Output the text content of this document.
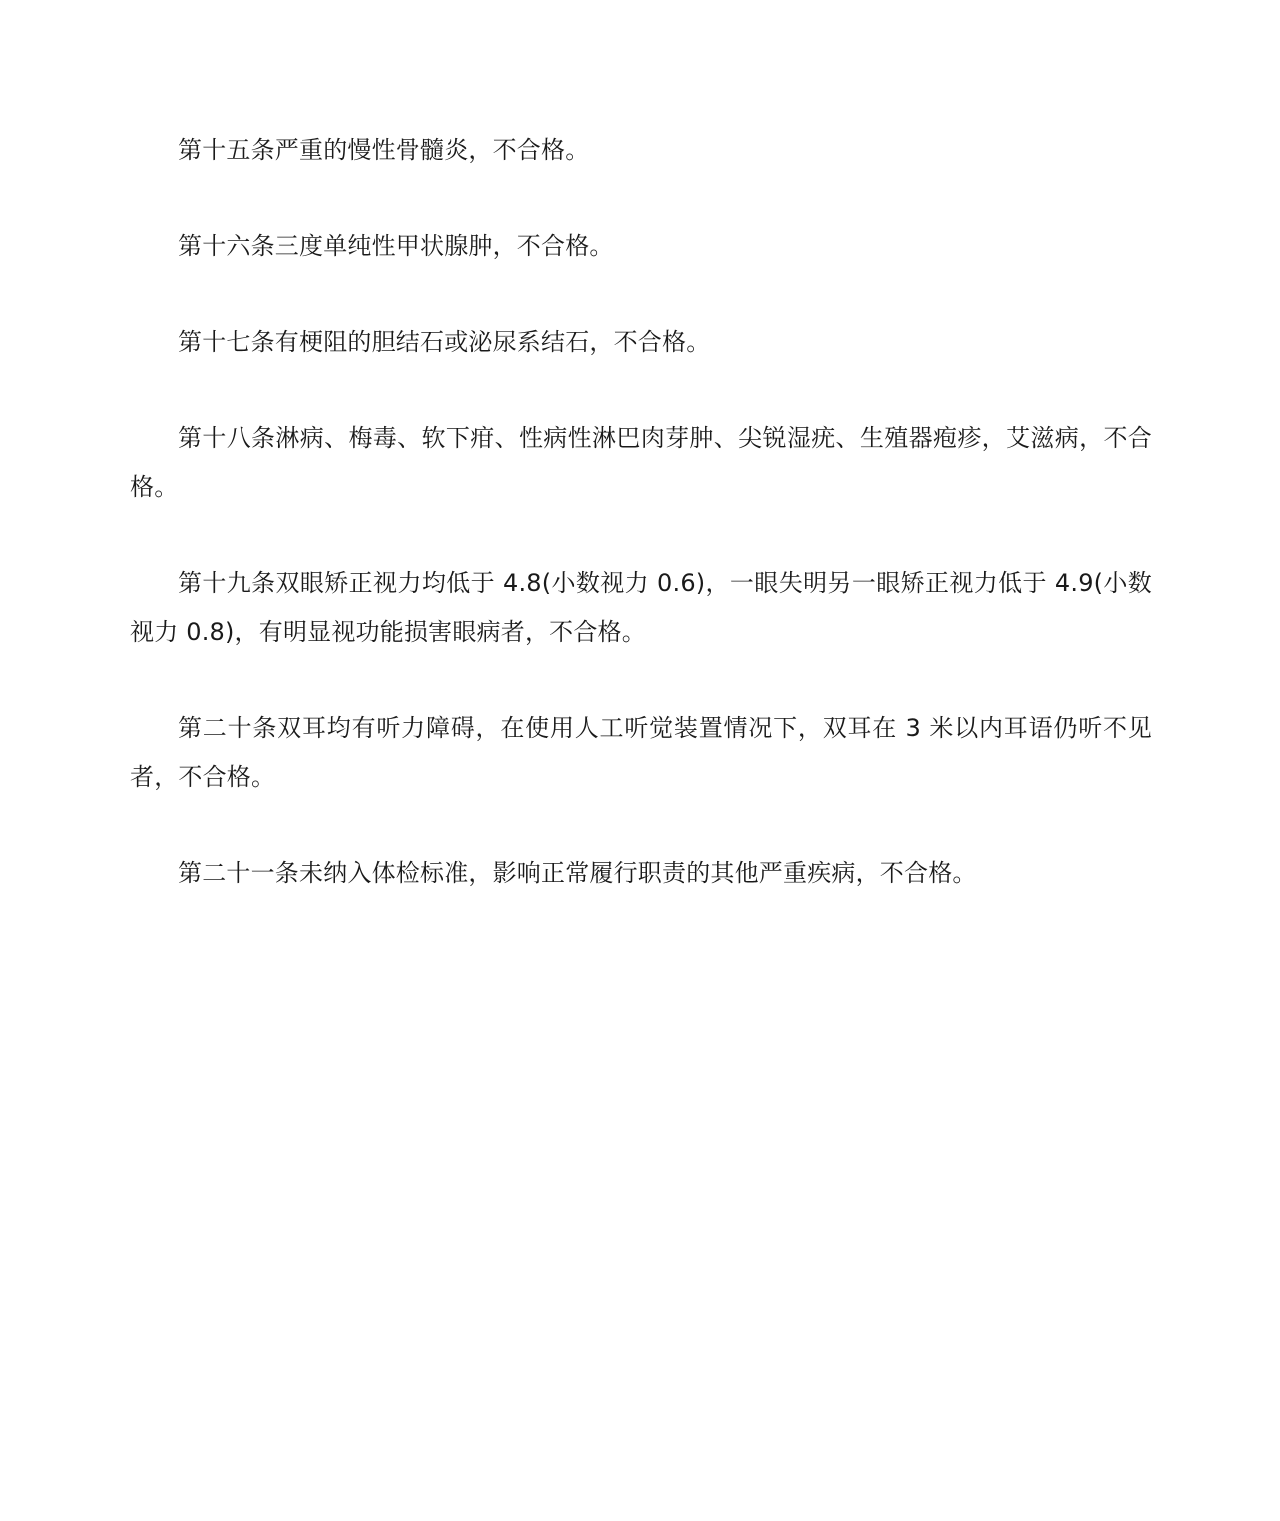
第十五条严重的慢性骨髓炎，不合格。

第十六条三度单纯性甲状腺肿，不合格。

第十七条有梗阻的胆结石或泌尿系结石，不合格。

第十八条淋病、梅毒、软下疳、性病性淋巴肉芽肿、尖锐湿疣、生殖器疱疹，艾滋病，不合格。

第十九条双眼矫正视力均低于 4.8(小数视力 0.6)，一眼失明另一眼矫正视力低于 4.9(小数视力 0.8)，有明显视功能损害眼病者，不合格。

第二十条双耳均有听力障碍，在使用人工听觉装置情况下，双耳在 3 米以内耳语仍听不见者，不合格。

第二十一条未纳入体检标准，影响正常履行职责的其他严重疾病，不合格。
